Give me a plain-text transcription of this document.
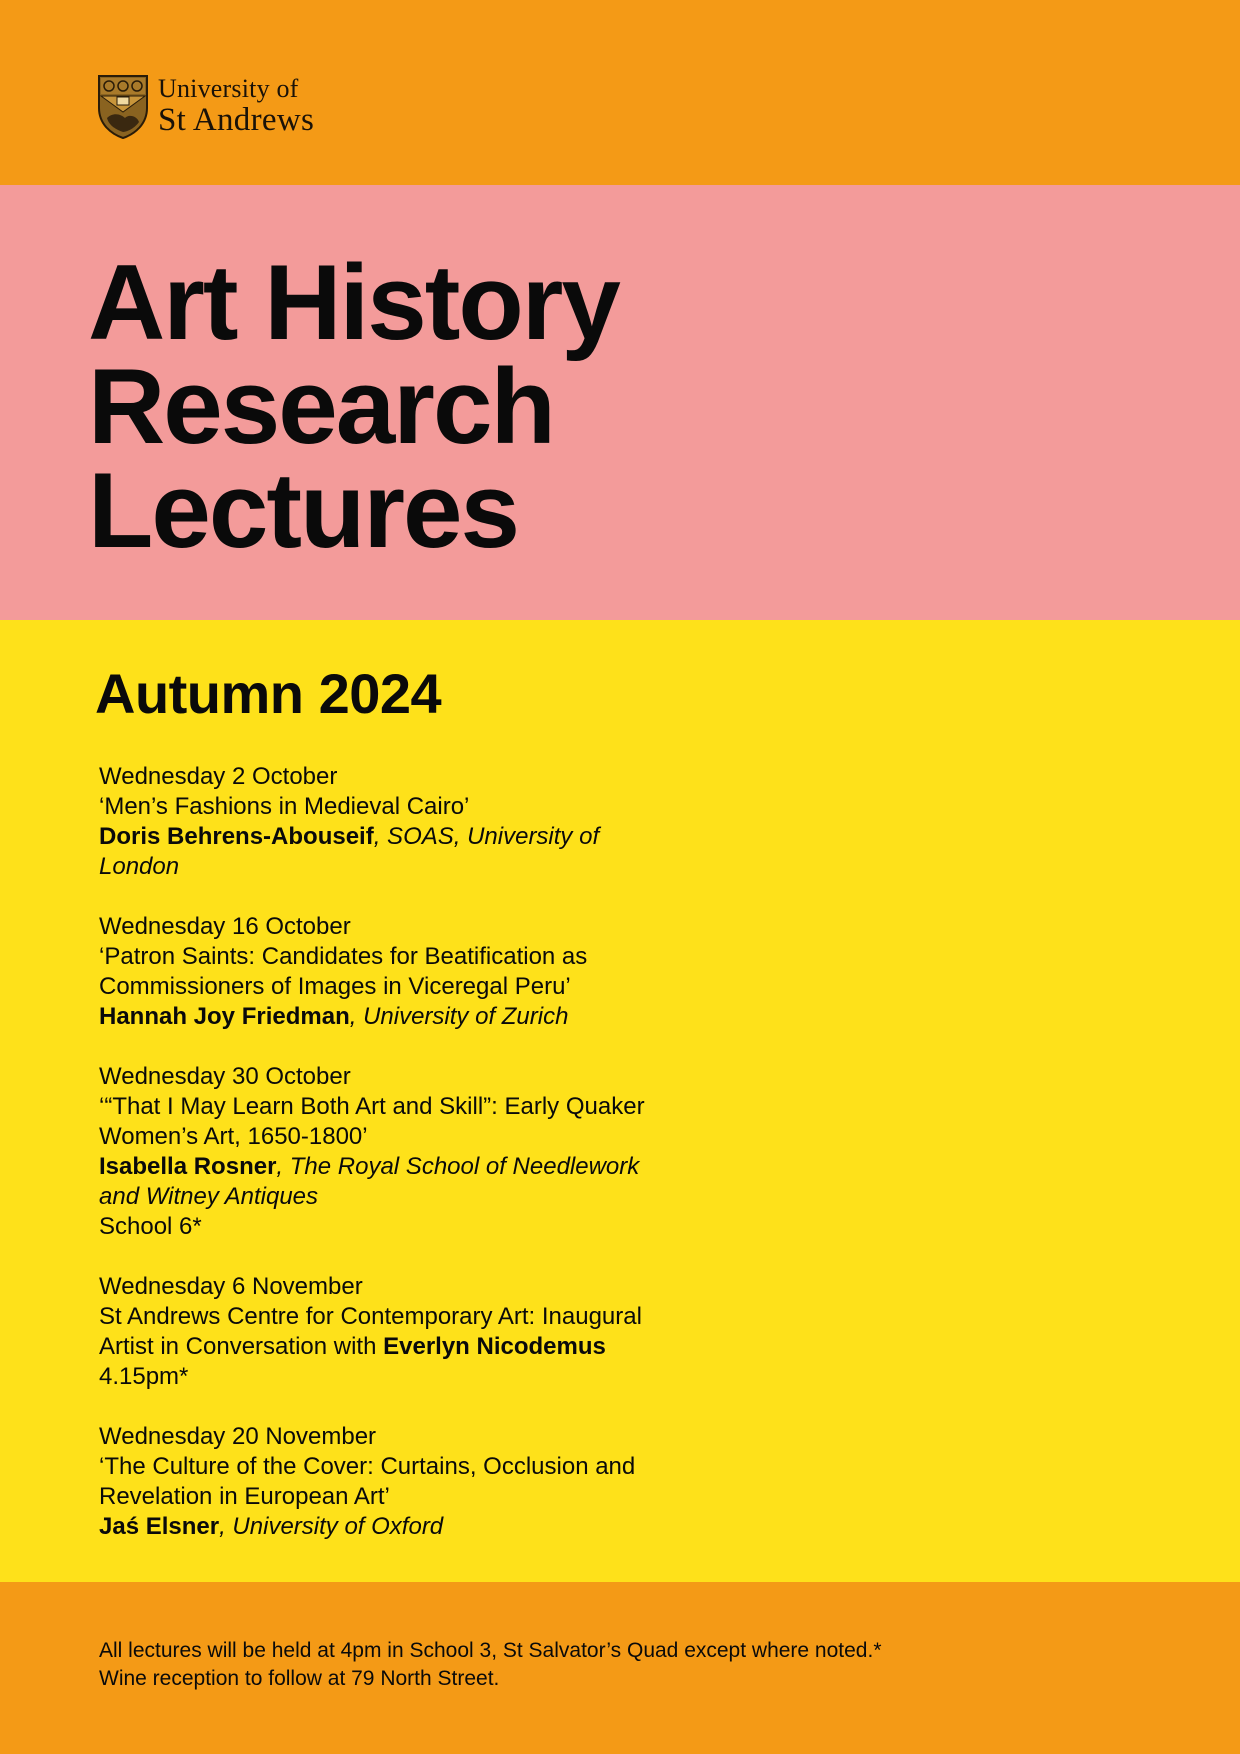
University of
St Andrews
Art History
Research
Lectures
Autumn 2024
Wednesday 2 October
‘Men’s Fashions in Medieval Cairo’
Doris Behrens-Abouseif, SOAS, University of
London
Wednesday 16 October
‘Patron Saints: Candidates for Beatification as
Commissioners of Images in Viceregal Peru’
Hannah Joy Friedman, University of Zurich
Wednesday 30 October
‘“That I May Learn Both Art and Skill”: Early Quaker
Women’s Art, 1650-1800’
Isabella Rosner, The Royal School of Needlework
and Witney Antiques
School 6*
Wednesday 6 November
St Andrews Centre for Contemporary Art: Inaugural
Artist in Conversation with Everlyn Nicodemus
4.15pm*
Wednesday 20 November
‘The Culture of the Cover: Curtains, Occlusion and
Revelation in European Art’
Jaś Elsner, University of Oxford
All lectures will be held at 4pm in School 3, St Salvator’s Quad except where noted.*
Wine reception to follow at 79 North Street.
